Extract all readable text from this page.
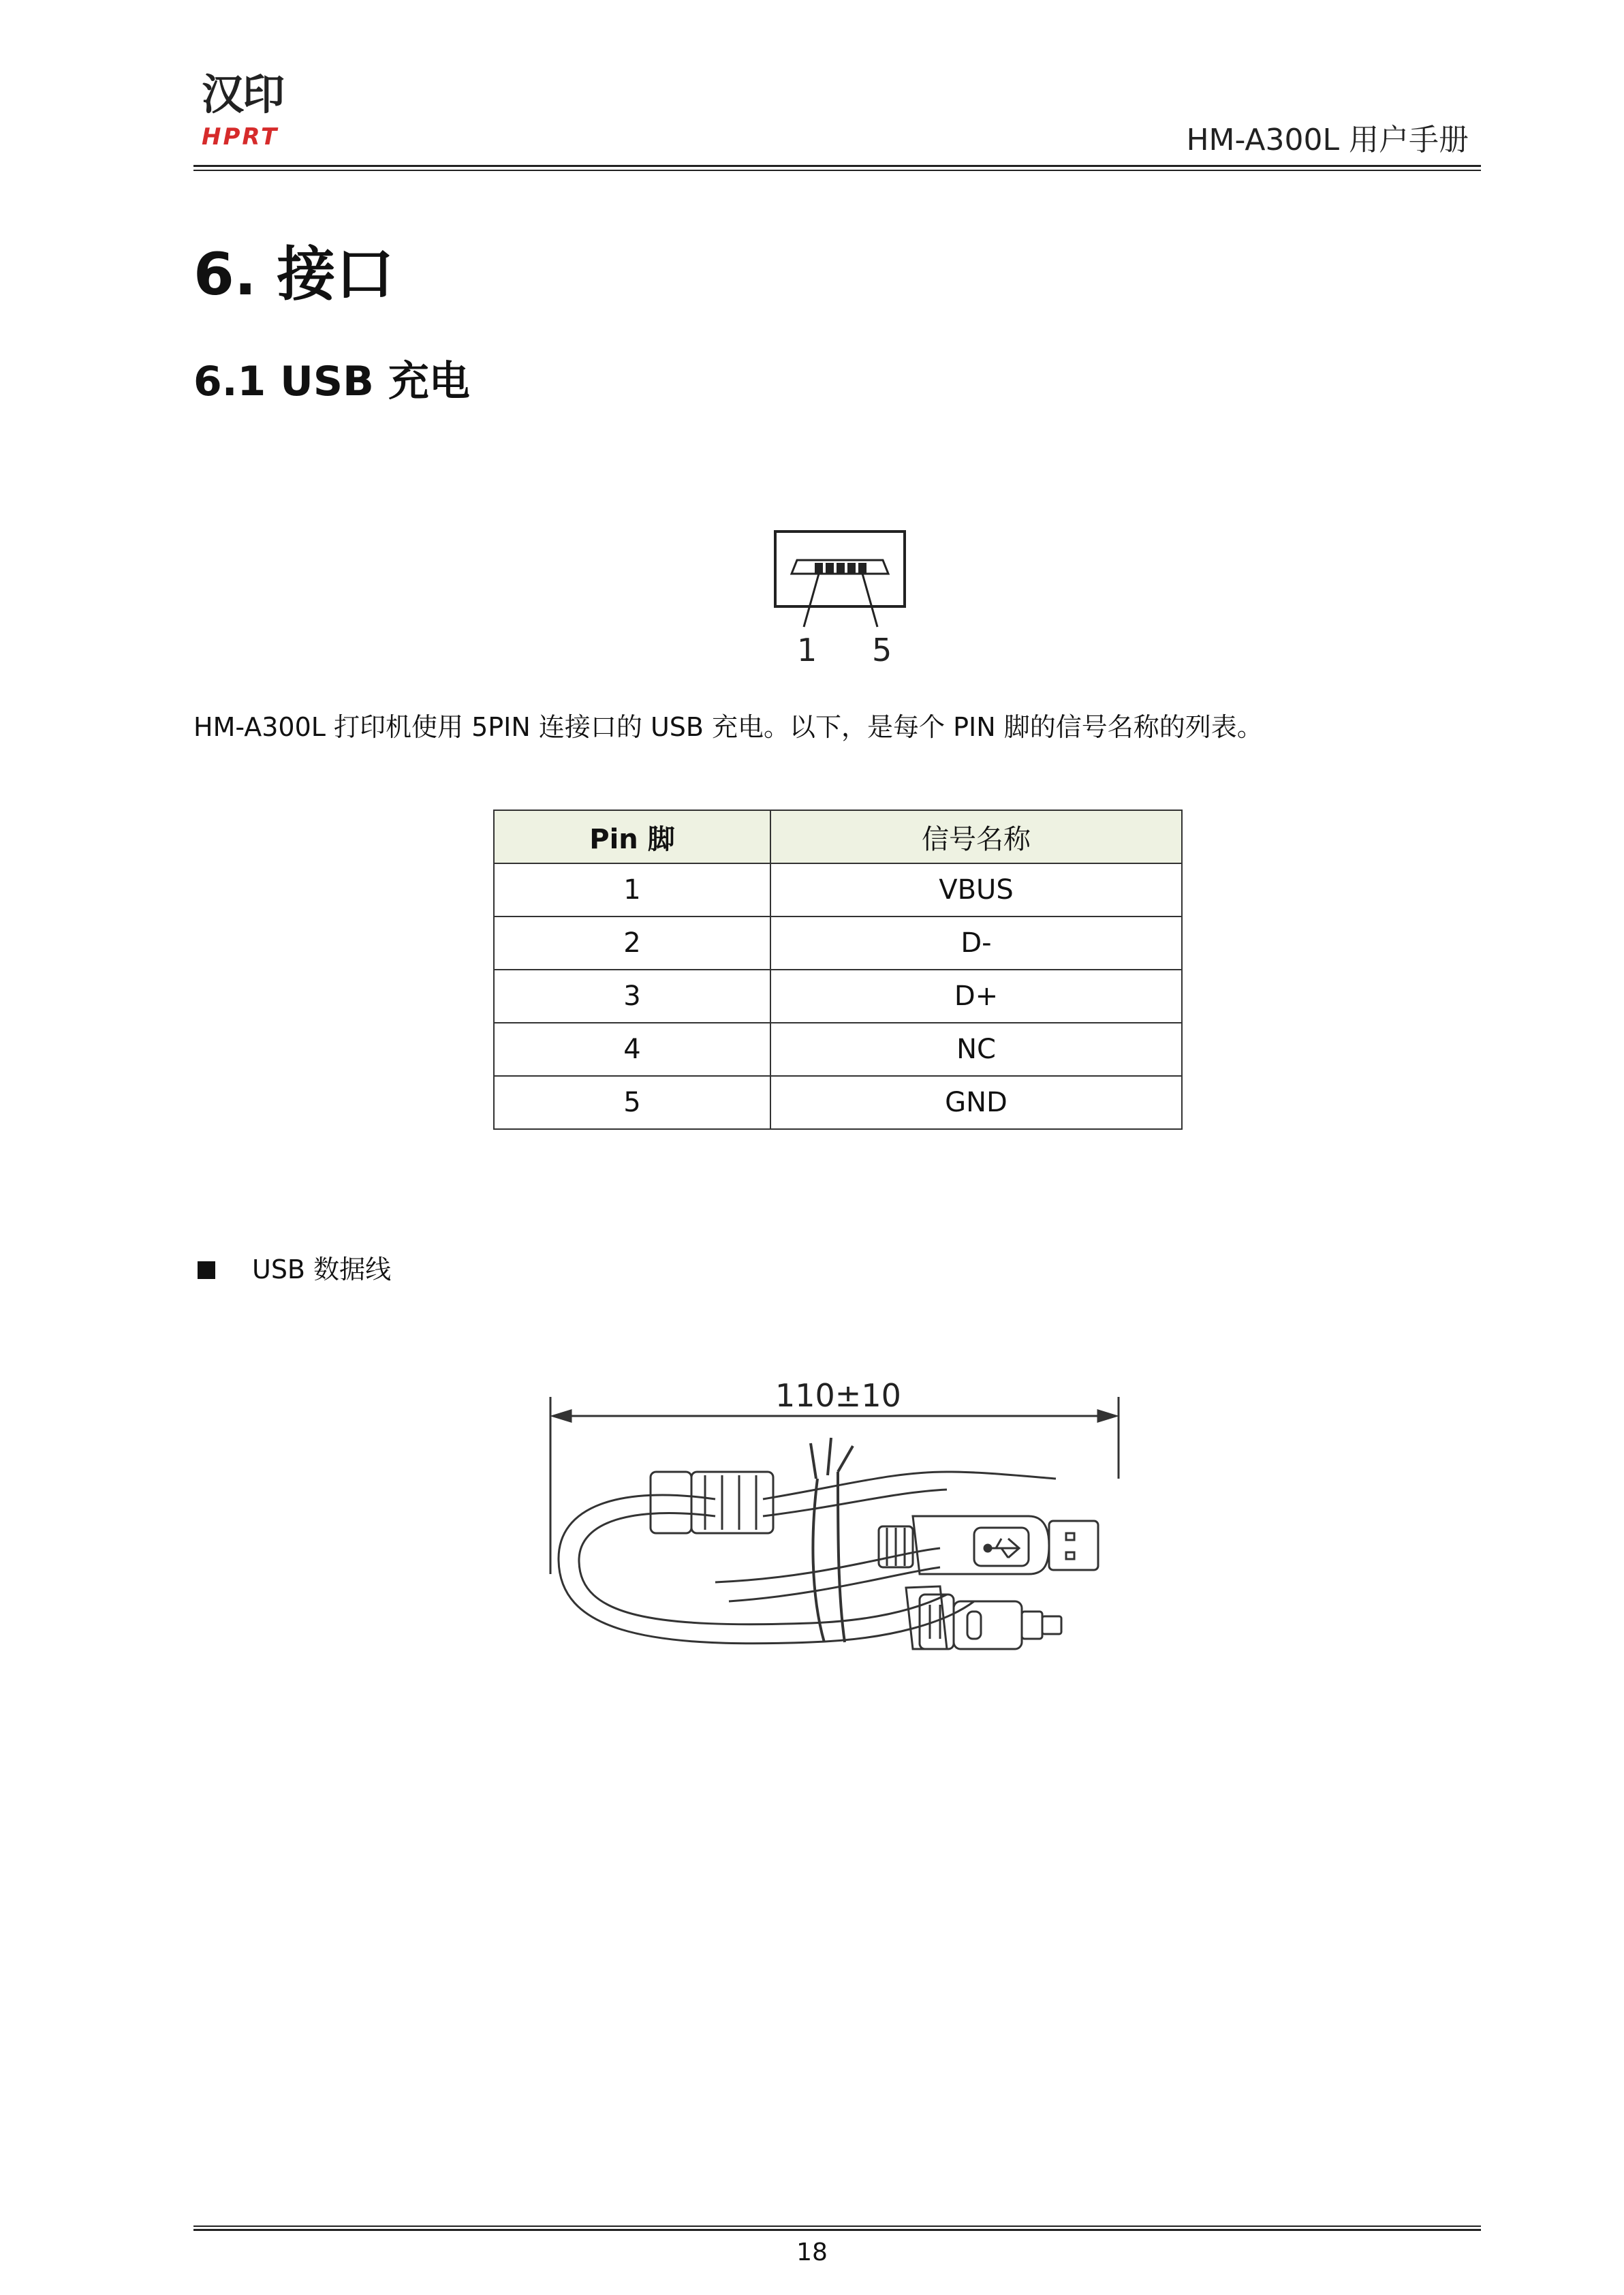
汉印
HPRT	HM-A300L 用户手册
6. 接口
6.1 USB 充电
1 5
HM-A300L 打印机使用 5PIN 连接口的 USB 充电。以下，是每个 PIN 脚的信号名称的列表。
Pin 脚	信号名称
1	VBUS
2	D-
3	D+
4	NC
5	GND
USB 数据线
110±10
18
